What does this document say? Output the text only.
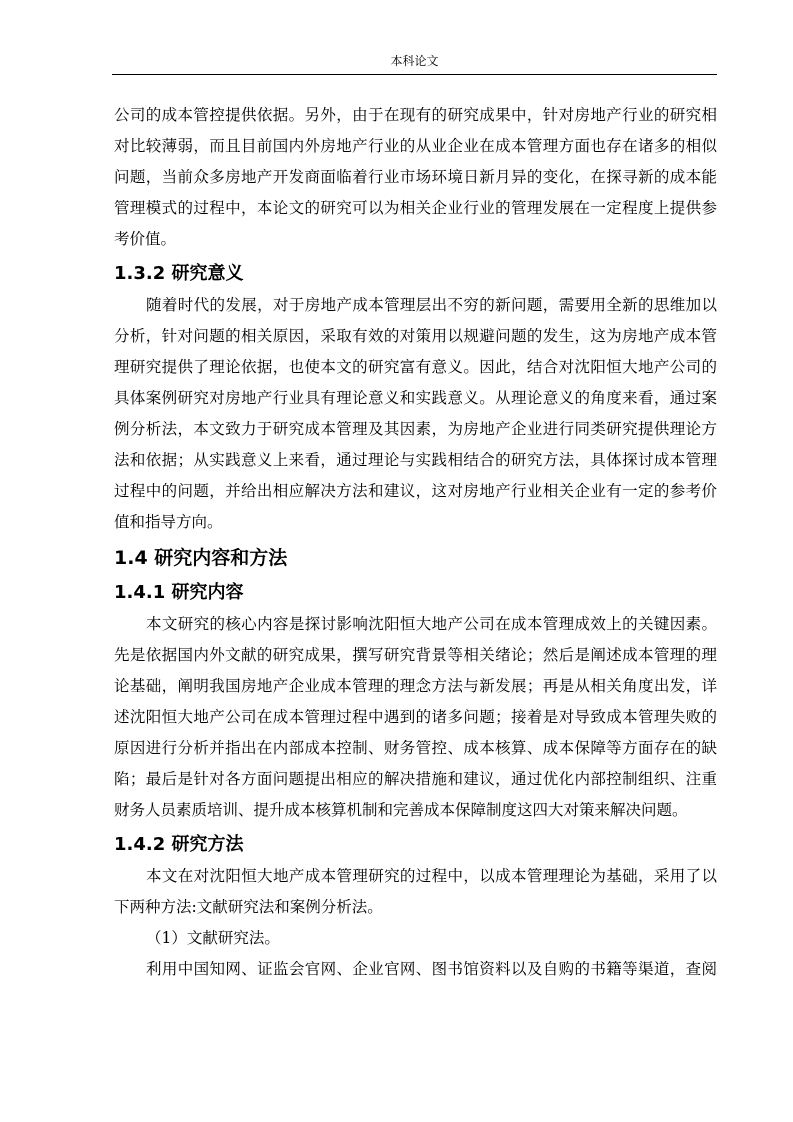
本科论文

公司的成本管控提供依据。另外，由于在现有的研究成果中，针对房地产行业的研究相

对比较薄弱，而且目前国内外房地产行业的从业企业在成本管理方面也存在诸多的相似

问题，当前众多房地产开发商面临着行业市场环境日新月异的变化，在探寻新的成本能

管理模式的过程中，本论文的研究可以为相关企业行业的管理发展在一定程度上提供参

考价值。

1.3.2 研究意义

随着时代的发展，对于房地产成本管理层出不穷的新问题，需要用全新的思维加以

分析，针对问题的相关原因，采取有效的对策用以规避问题的发生，这为房地产成本管

理研究提供了理论依据，也使本文的研究富有意义。因此，结合对沈阳恒大地产公司的

具体案例研究对房地产行业具有理论意义和实践意义。从理论意义的角度来看，通过案

例分析法，本文致力于研究成本管理及其因素，为房地产企业进行同类研究提供理论方

法和依据；从实践意义上来看，通过理论与实践相结合的研究方法，具体探讨成本管理

过程中的问题，并给出相应解决方法和建议，这对房地产行业相关企业有一定的参考价

值和指导方向。

1.4 研究内容和方法
1.4.1 研究内容

本文研究的核心内容是探讨影响沈阳恒大地产公司在成本管理成效上的关键因素。

先是依据国内外文献的研究成果，撰写研究背景等相关绪论；然后是阐述成本管理的理

论基础，阐明我国房地产企业成本管理的理念方法与新发展；再是从相关角度出发，详

述沈阳恒大地产公司在成本管理过程中遇到的诸多问题；接着是对导致成本管理失败的

原因进行分析并指出在内部成本控制、财务管控、成本核算、成本保障等方面存在的缺

陷；最后是针对各方面问题提出相应的解决措施和建议，通过优化内部控制组织、注重

财务人员素质培训、提升成本核算机制和完善成本保障制度这四大对策来解决问题。

1.4.2 研究方法

本文在对沈阳恒大地产成本管理研究的过程中，以成本管理理论为基础，采用了以

下两种方法:文献研究法和案例分析法。

（1）文献研究法。

利用中国知网、证监会官网、企业官网、图书馆资料以及自购的书籍等渠道，查阅
